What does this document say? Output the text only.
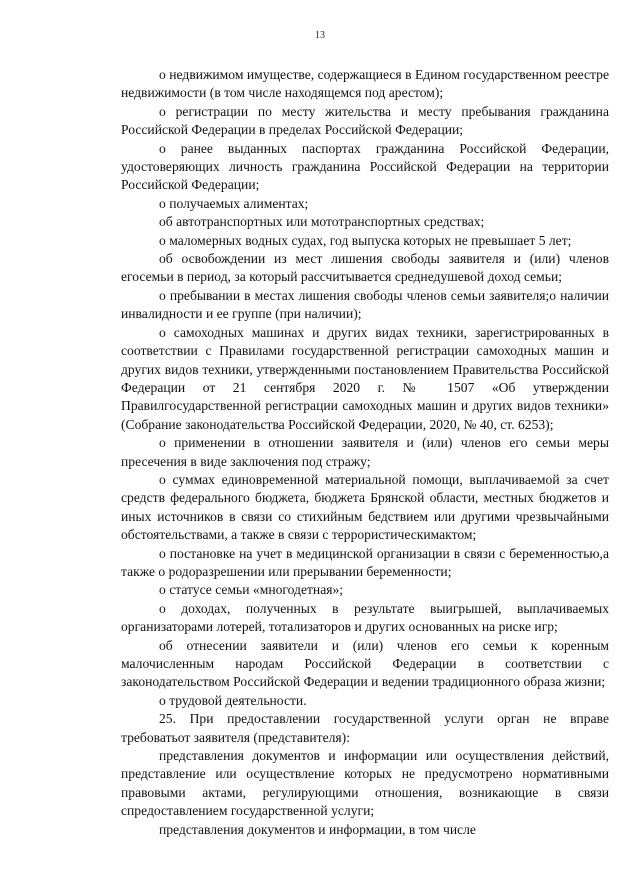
13

о недвижимом имуществе, содержащиеся в Едином государственном реестре недвижимости (в том числе находящемся под арестом);

о регистрации по месту жительства и месту пребывания гражданина Российской Федерации в пределах Российской Федерации;

о ранее выданных паспортах гражданина Российской Федерации, удостоверяющих личность гражданина Российской Федерации на территории Российской Федерации;

о получаемых алиментах;

об автотранспортных или мототранспортных средствах;

о маломерных водных судах, год выпуска которых не превышает 5 лет;

об освобождении из мест лишения свободы заявителя и (или) членов егосемьи в период, за который рассчитывается среднедушевой доход семьи;

о пребывании в местах лишения свободы членов семьи заявителя;о наличии инвалидности и ее группе (при наличии);

о самоходных машинах и других видах техники, зарегистрированных в соответствии с Правилами государственной регистрации самоходных машин и других видов техники, утвержденными постановлением Правительства Российской Федерации от 21 сентября 2020 г. № 1507 «Об утверждении Правилгосударственной регистрации самоходных машин и других видов техники» (Собрание законодательства Российской Федерации, 2020, № 40, ст. 6253);

о применении в отношении заявителя и (или) членов его семьи меры пресечения в виде заключения под стражу;

о суммах единовременной материальной помощи, выплачиваемой за счет средств федерального бюджета, бюджета Брянской области, местных бюджетов и иных источников в связи со стихийным бедствием или другими чрезвычайными обстоятельствами, а также в связи с террористическимактом;

о постановке на учет в медицинской организации в связи с беременностью,а также о родоразрешении или прерывании беременности;

о статусе семьи «многодетная»;

о доходах, полученных в результате выигрышей, выплачиваемых организаторами лотерей, тотализаторов и других основанных на риске игр;

об отнесении заявители и (или) членов его семьи к коренным малочисленным народам Российской Федерации в соответствии с законодательством Российской Федерации и ведении традиционного образа жизни;

о трудовой деятельности.

25. При предоставлении государственной услуги орган не вправе требоватьот заявителя (представителя):

представления документов и информации или осуществления действий, представление или осуществление которых не предусмотрено нормативными правовыми актами, регулирующими отношения, возникающие в связи спредоставлением государственной услуги;

представления документов и информации, в том числе
